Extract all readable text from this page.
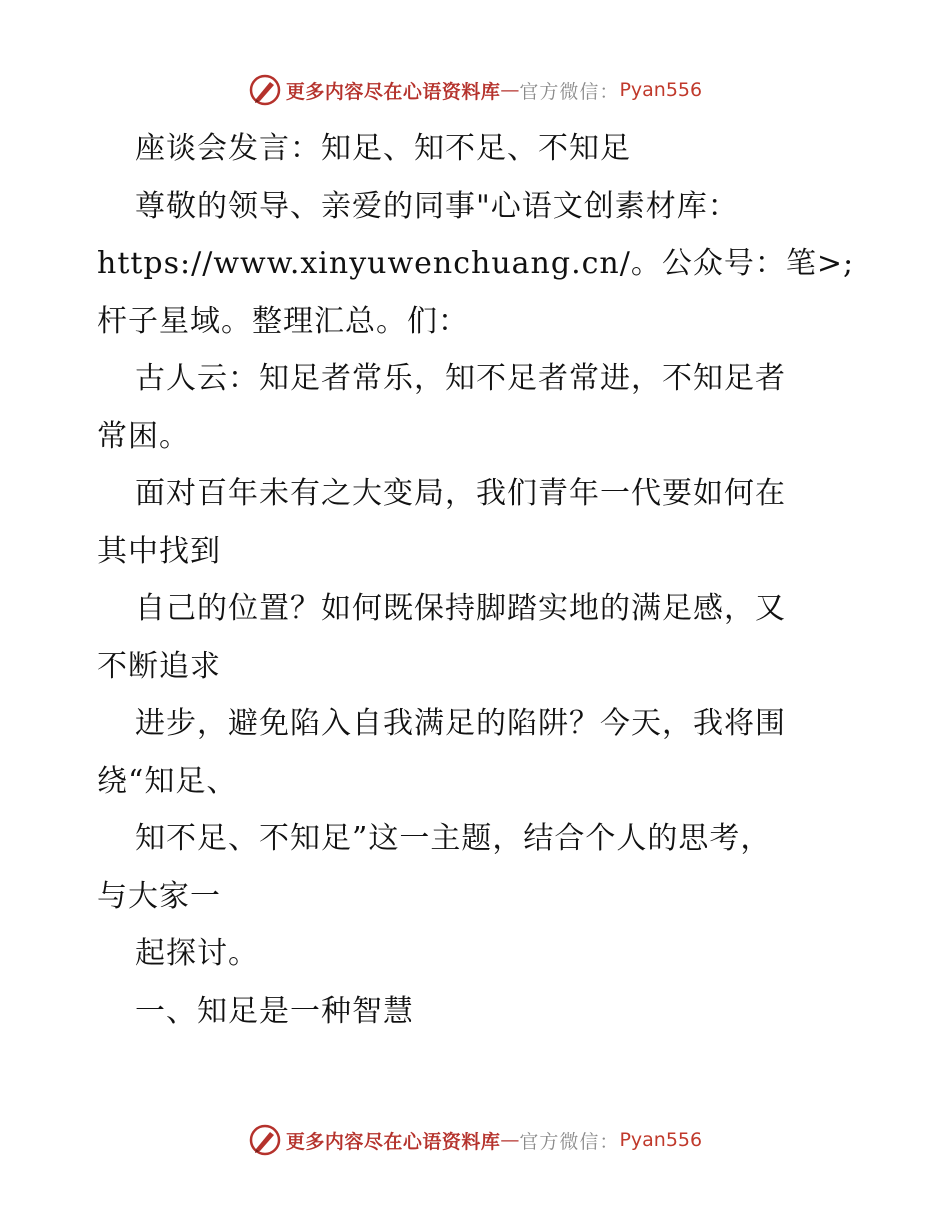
更多内容尽在心语资料库 — 官方微信： Pyan556
座谈会发言：知足、知不足、不知足
尊敬的领导、亲爱的同事"心语文创素材库：
https://www.xinyuwenchuang.cn/。公众号：笔>;
杆子星域。整理汇总。们：
古人云：知足者常乐，知不足者常进，不知足者
常困。
面对百年未有之大变局，我们青年一代要如何在
其中找到
自己的位置？如何既保持脚踏实地的满足感，又
不断追求
进步，避免陷入自我满足的陷阱？今天，我将围
绕“知足、
知不足、不知足”这一主题，结合个人的思考，
与大家一
起探讨。
一、知足是一种智慧
更多内容尽在心语资料库 — 官方微信： Pyan556
